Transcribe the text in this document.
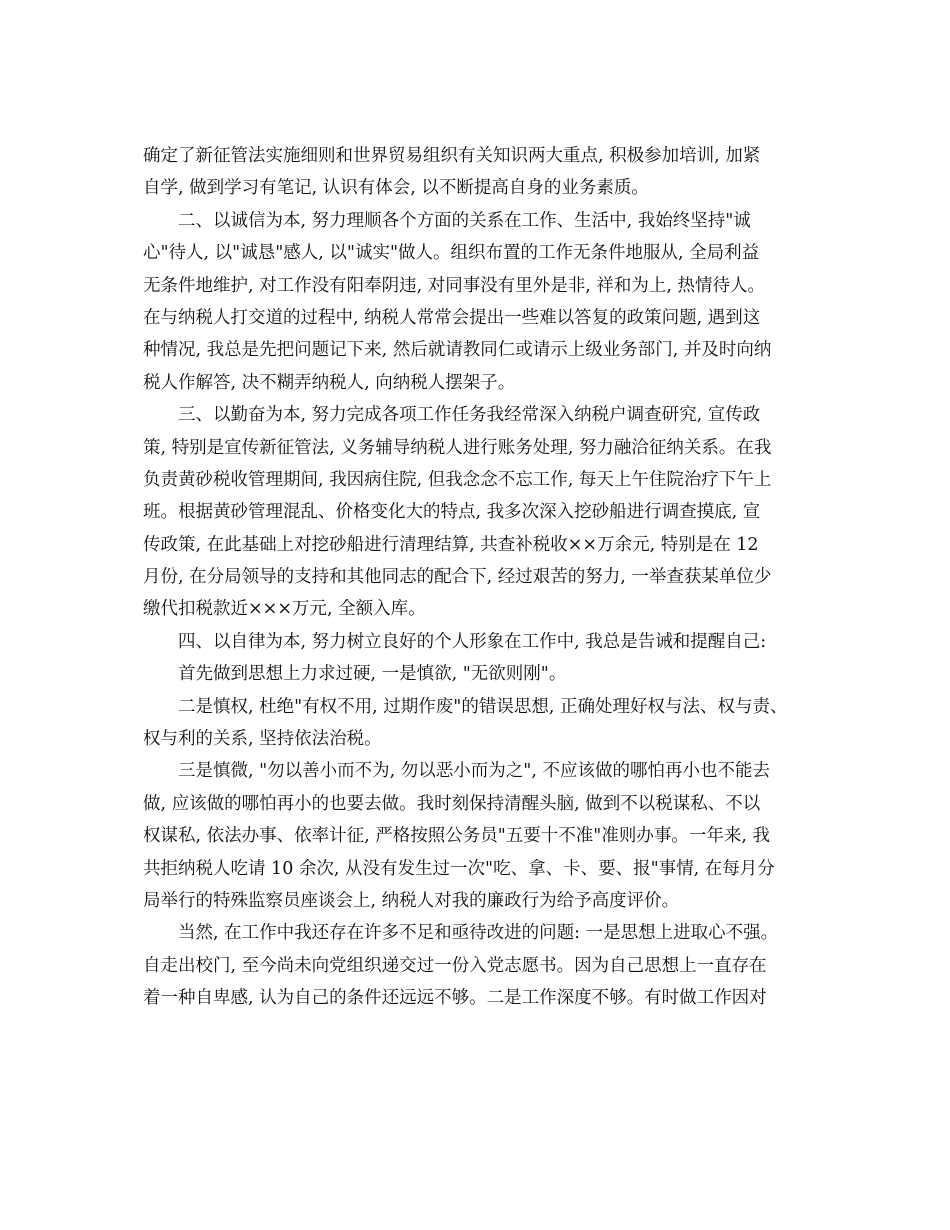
确定了新征管法实施细则和世界贸易组织有关知识两大重点, 积极参加培训, 加紧
自学, 做到学习有笔记, 认识有体会, 以不断提高自身的业务素质。
　　二、以诚信为本, 努力理顺各个方面的关系在工作、生活中, 我始终坚持"诚
心"待人, 以"诚恳"感人, 以"诚实"做人。组织布置的工作无条件地服从, 全局利益
无条件地维护, 对工作没有阳奉阴违, 对同事没有里外是非, 祥和为上, 热情待人。
在与纳税人打交道的过程中, 纳税人常常会提出一些难以答复的政策问题, 遇到这
种情况, 我总是先把问题记下来, 然后就请教同仁或请示上级业务部门, 并及时向纳
税人作解答, 决不糊弄纳税人, 向纳税人摆架子。
　　三、以勤奋为本, 努力完成各项工作任务我经常深入纳税户调查研究, 宣传政
策, 特别是宣传新征管法, 义务辅导纳税人进行账务处理, 努力融洽征纳关系。在我
负责黄砂税收管理期间, 我因病住院, 但我念念不忘工作, 每天上午住院治疗下午上
班。根据黄砂管理混乱、价格变化大的特点, 我多次深入挖砂船进行调查摸底, 宣
传政策, 在此基础上对挖砂船进行清理结算, 共查补税收××万余元, 特别是在 12
月份, 在分局领导的支持和其他同志的配合下, 经过艰苦的努力, 一举查获某单位少
缴代扣税款近×××万元, 全额入库。
　　四、以自律为本, 努力树立良好的个人形象在工作中, 我总是告诫和提醒自己:
　　首先做到思想上力求过硬, 一是慎欲, "无欲则刚"。
　　二是慎权, 杜绝"有权不用, 过期作废"的错误思想, 正确处理好权与法、权与责、
权与利的关系, 坚持依法治税。
　　三是慎微, "勿以善小而不为, 勿以恶小而为之", 不应该做的哪怕再小也不能去
做, 应该做的哪怕再小的也要去做。我时刻保持清醒头脑, 做到不以税谋私、不以
权谋私, 依法办事、依率计征, 严格按照公务员"五要十不准"准则办事。一年来, 我
共拒纳税人吃请 10 余次, 从没有发生过一次"吃、拿、卡、要、报"事情, 在每月分
局举行的特殊监察员座谈会上, 纳税人对我的廉政行为给予高度评价。
　　当然, 在工作中我还存在许多不足和亟待改进的问题: 一是思想上进取心不强。
自走出校门, 至今尚未向党组织递交过一份入党志愿书。因为自己思想上一直存在
着一种自卑感, 认为自己的条件还远远不够。二是工作深度不够。有时做工作因对
